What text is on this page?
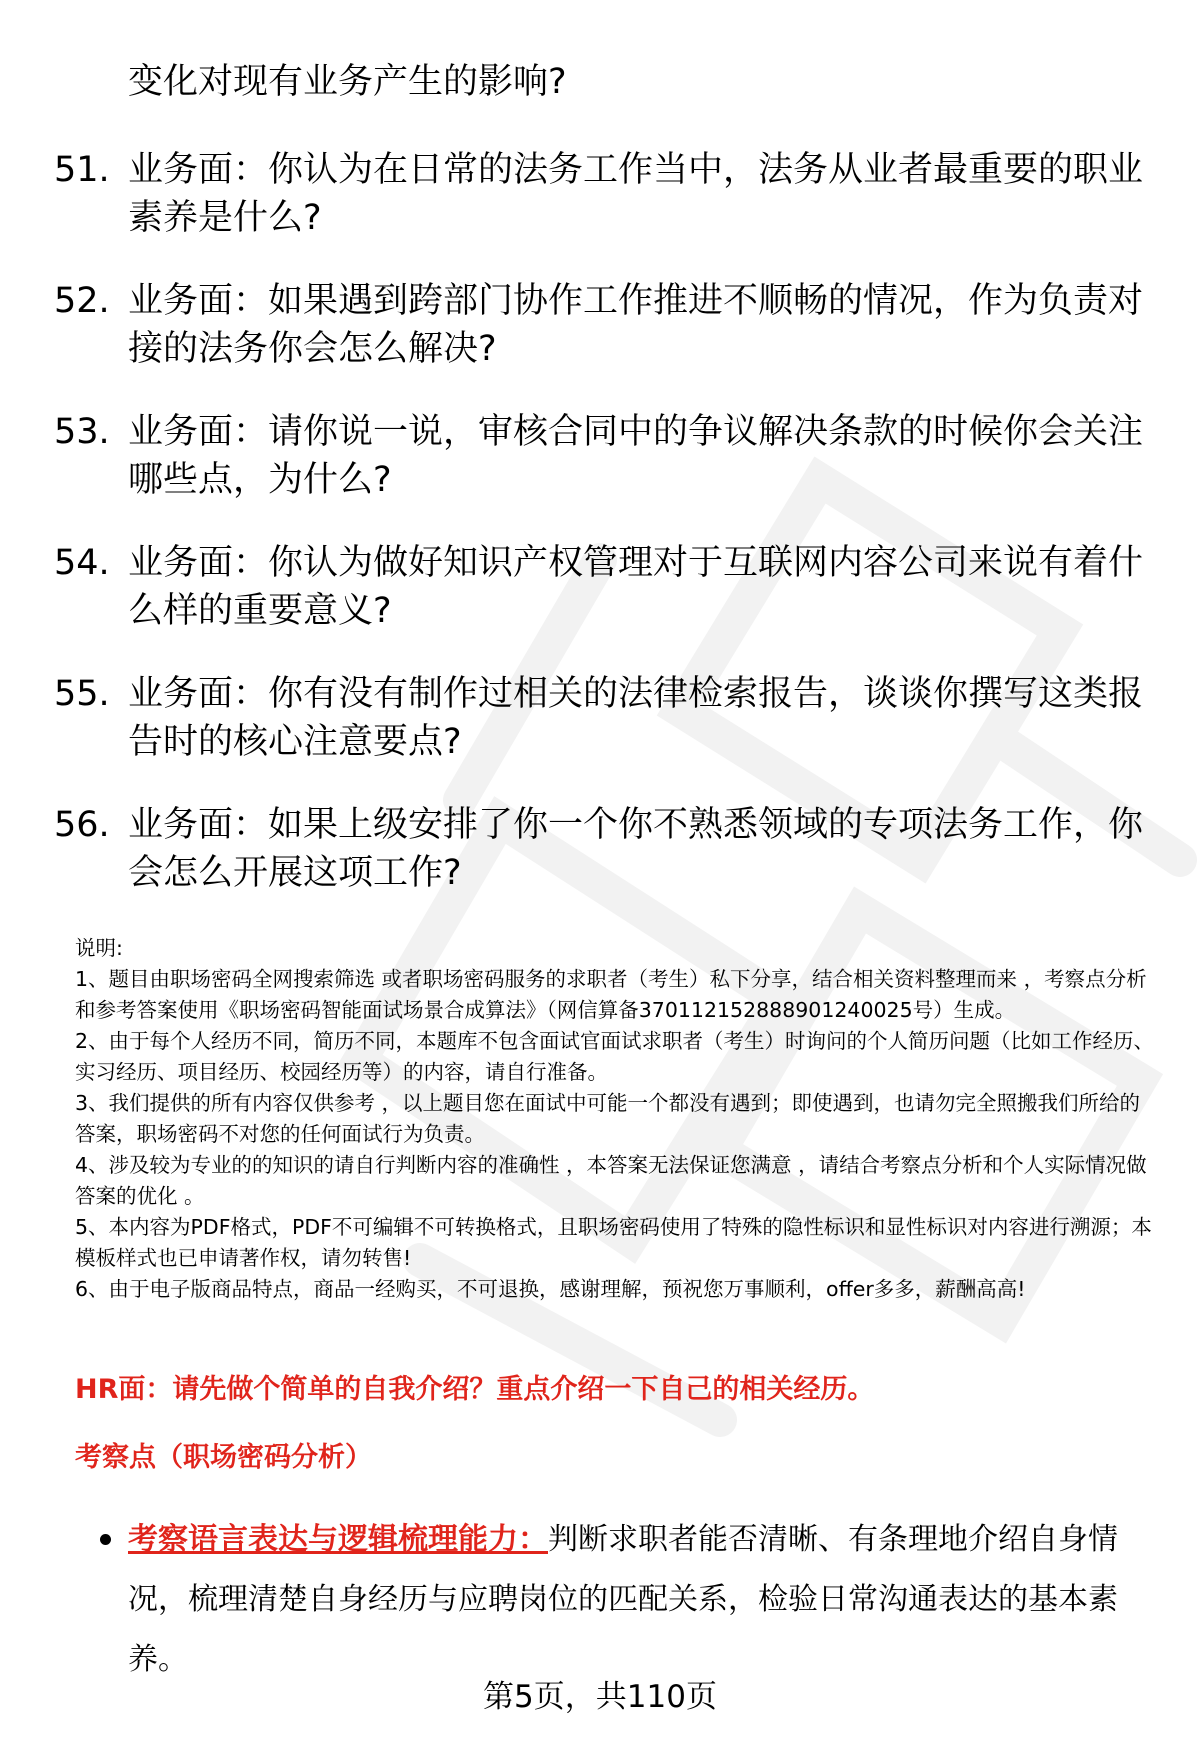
变化对现有业务产生的影响?

51. 业务面：你认为在日常的法务工作当中，法务从业者最重要的职业素养是什么?
52. 业务面：如果遇到跨部门协作工作推进不顺畅的情况，作为负责对接的法务你会怎么解决?
53. 业务面：请你说一说，审核合同中的争议解决条款的时候你会关注哪些点，为什么?
54. 业务面：你认为做好知识产权管理对于互联网内容公司来说有着什么样的重要意义?
55. 业务面：你有没有制作过相关的法律检索报告，谈谈你撰写这类报告时的核心注意要点?
56. 业务面：如果上级安排了你一个你不熟悉领域的专项法务工作，你会怎么开展这项工作?

说明:

1、题目由职场密码全网搜索筛选 或者职场密码服务的求职者（考生）私下分享，结合相关资料整理而来 ，考察点分析和参考答案使用《职场密码智能面试场景合成算法》（网信算备370112152888901240025号）生成。

2、由于每个人经历不同，简历不同，本题库不包含面试官面试求职者（考生）时询问的个人简历问题（比如工作经历、实习经历、项目经历、校园经历等）的内容，请自行准备。

3、我们提供的所有内容仅供参考 ，以上题目您在面试中可能一个都没有遇到；即使遇到，也请勿完全照搬我们所给的答案，职场密码不对您的任何面试行为负责。

4、涉及较为专业的的知识的请自行判断内容的准确性 ，本答案无法保证您满意 ，请结合考察点分析和个人实际情况做答案的优化 。

5、本内容为PDF格式，PDF不可编辑不可转换格式，且职场密码使用了特殊的隐性标识和显性标识对内容进行溯源；本模板样式也已申请著作权，请勿转售!

6、由于电子版商品特点，商品一经购买，不可退换，感谢理解，预祝您万事顺利，offer多多，薪酬高高!

HR面：请先做个简单的自我介绍？重点介绍一下自己的相关经历。

考察点（职场密码分析）

考察语言表达与逻辑梳理能力：判断求职者能否清晰、有条理地介绍自身情况，梳理清楚自身经历与应聘岗位的匹配关系，检验日常沟通表达的基本素养。

第5页，共110页
